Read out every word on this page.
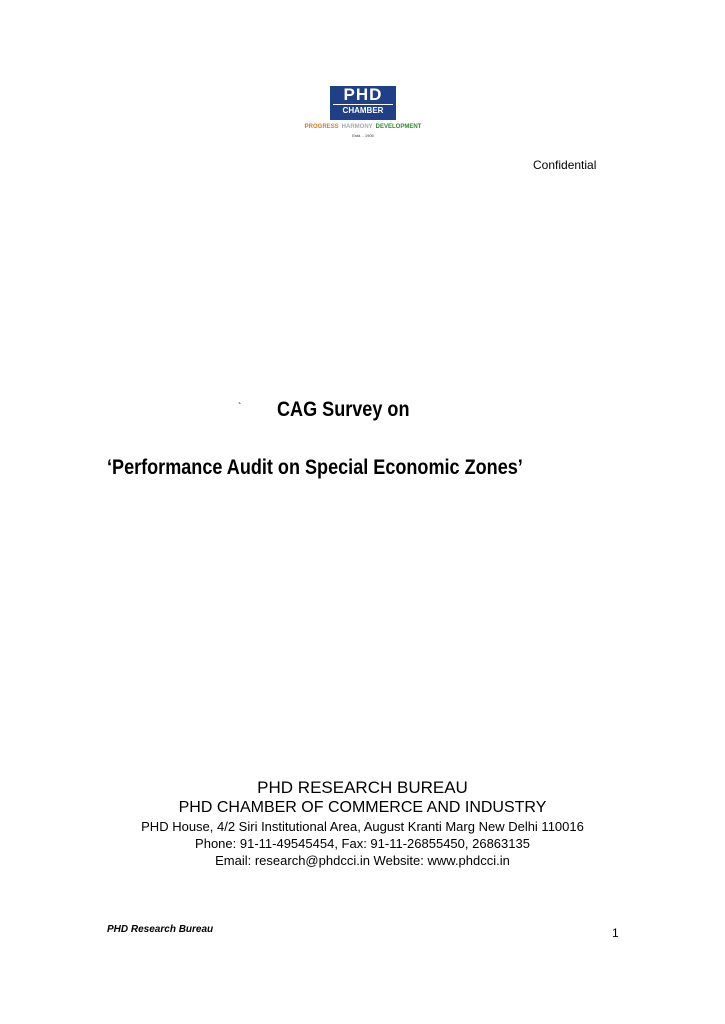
PHD
CHAMBER
PROGRESS HARMONY DEVELOPMENT
Estd. - 1905
Confidential
` CAG Survey on
‘Performance Audit on Special Economic Zones’
PHD RESEARCH BUREAU
PHD CHAMBER OF COMMERCE AND INDUSTRY
PHD House, 4/2 Siri Institutional Area, August Kranti Marg New Delhi 110016
Phone: 91-11-49545454, Fax: 91-11-26855450, 26863135
Email: research@phdcci.in Website: www.phdcci.in
PHD Research Bureau	1
